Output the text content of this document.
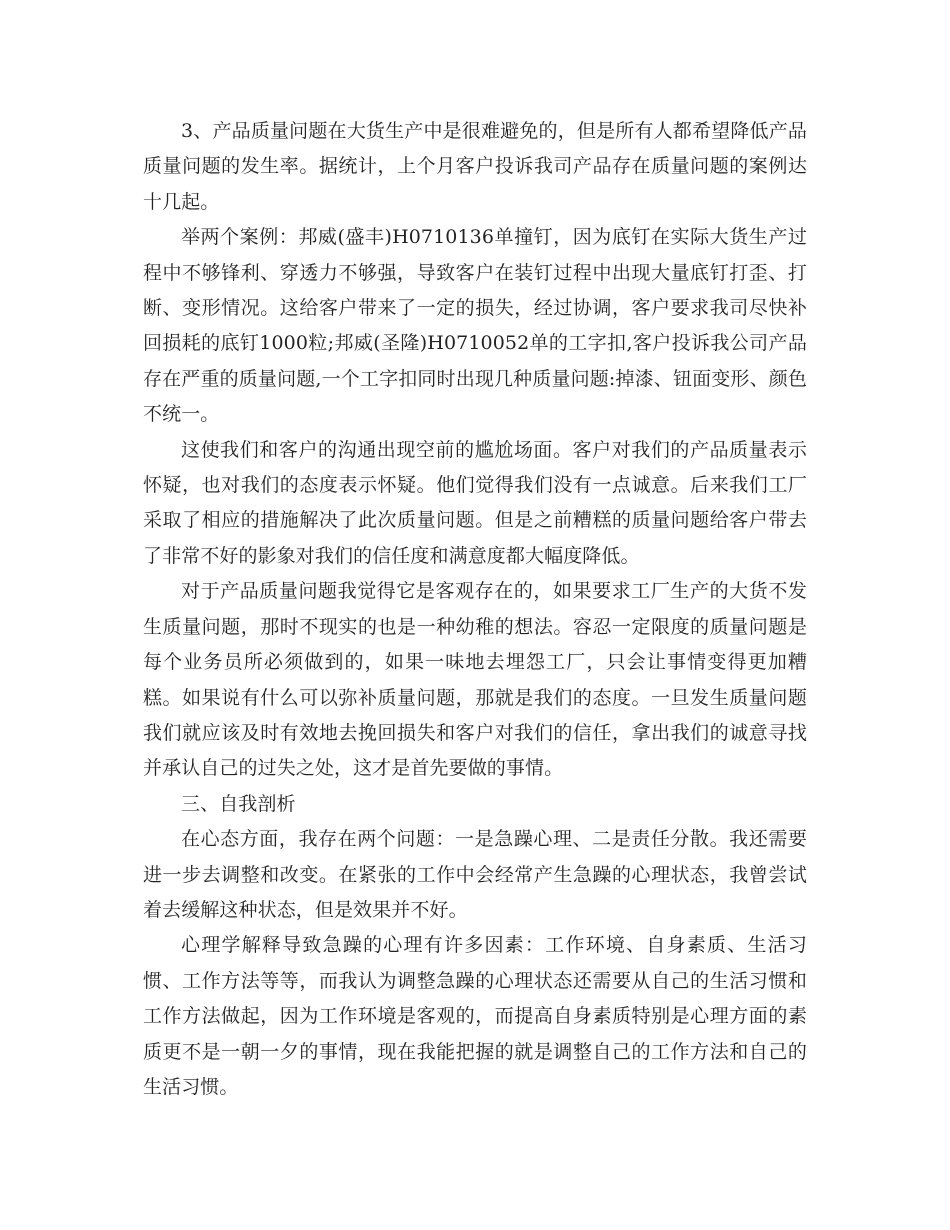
3、产品质量问题在大货生产中是很难避免的，但是所有人都希望降低产品质量问题的发生率。据统计，上个月客户投诉我司产品存在质量问题的案例达十几起。

举两个案例：邦威(盛丰)H0710136单撞钉，因为底钉在实际大货生产过程中不够锋利、穿透力不够强，导致客户在装钉过程中出现大量底钉打歪、打断、变形情况。这给客户带来了一定的损失，经过协调，客户要求我司尽快补回损耗的底钉1000粒;邦威(圣隆)H0710052单的工字扣,客户投诉我公司产品存在严重的质量问题,一个工字扣同时出现几种质量问题:掉漆、钮面变形、颜色不统一。

这使我们和客户的沟通出现空前的尴尬场面。客户对我们的产品质量表示怀疑，也对我们的态度表示怀疑。他们觉得我们没有一点诚意。后来我们工厂采取了相应的措施解决了此次质量问题。但是之前糟糕的质量问题给客户带去了非常不好的影象对我们的信任度和满意度都大幅度降低。

对于产品质量问题我觉得它是客观存在的，如果要求工厂生产的大货不发生质量问题，那时不现实的也是一种幼稚的想法。容忍一定限度的质量问题是每个业务员所必须做到的，如果一味地去埋怨工厂，只会让事情变得更加糟糕。如果说有什么可以弥补质量问题，那就是我们的态度。一旦发生质量问题我们就应该及时有效地去挽回损失和客户对我们的信任，拿出我们的诚意寻找并承认自己的过失之处，这才是首先要做的事情。

三、自我剖析

在心态方面，我存在两个问题：一是急躁心理、二是责任分散。我还需要进一步去调整和改变。在紧张的工作中会经常产生急躁的心理状态，我曾尝试着去缓解这种状态，但是效果并不好。

心理学解释导致急躁的心理有许多因素：工作环境、自身素质、生活习惯、工作方法等等，而我认为调整急躁的心理状态还需要从自己的生活习惯和工作方法做起，因为工作环境是客观的，而提高自身素质特别是心理方面的素质更不是一朝一夕的事情，现在我能把握的就是调整自己的工作方法和自己的生活习惯。
